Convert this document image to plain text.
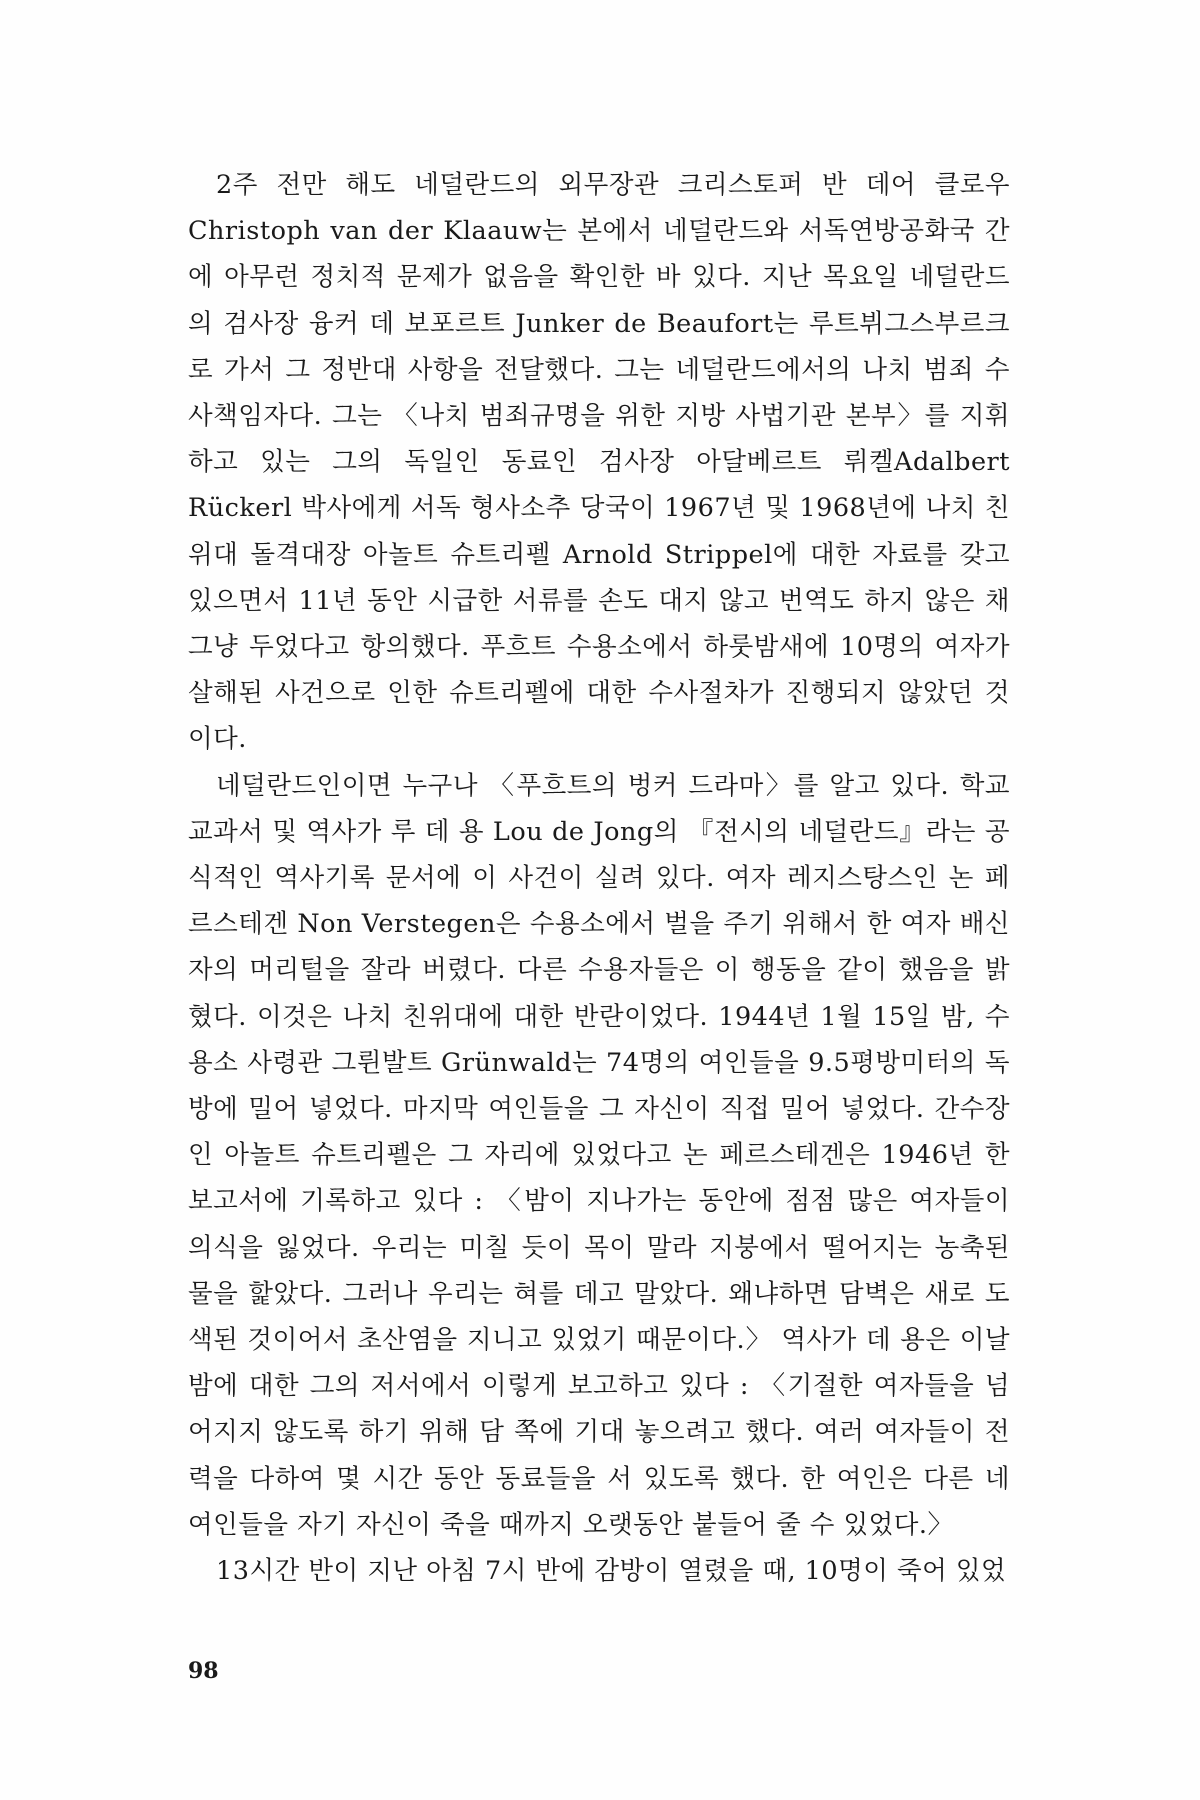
2주 전만 해도 네덜란드의 외무장관 크리스토퍼 반 데어 클로우 Christoph van der Klaauw는 본에서 네덜란드와 서독연방공화국 간에 아무런 정치적 문제가 없음을 확인한 바 있다. 지난 목요일 네덜란드의 검사장 융커 데 보포르트 Junker de Beaufort는 루트뷔그스부르크로 가서 그 정반대 사항을 전달했다. 그는 네덜란드에서의 나치 범죄 수사책임자다. 그는 〈나치 범죄규명을 위한 지방 사법기관 본부〉를 지휘하고 있는 그의 독일인 동료인 검사장 아달베르트 뤼켈Adalbert Rückerl 박사에게 서독 형사소추 당국이 1967년 및 1968년에 나치 친위대 돌격대장 아놀트 슈트리펠 Arnold Strippel에 대한 자료를 갖고 있으면서 11년 동안 시급한 서류를 손도 대지 않고 번역도 하지 않은 채 그냥 두었다고 항의했다. 푸흐트 수용소에서 하룻밤새에 10명의 여자가 살해된 사건으로 인한 슈트리펠에 대한 수사절차가 진행되지 않았던 것이다.

네덜란드인이면 누구나 〈푸흐트의 벙커 드라마〉를 알고 있다. 학교 교과서 및 역사가 루 데 용 Lou de Jong의 『전시의 네덜란드』라는 공식적인 역사기록 문서에 이 사건이 실려 있다. 여자 레지스탕스인 논 페르스테겐 Non Verstegen은 수용소에서 벌을 주기 위해서 한 여자 배신자의 머리털을 잘라 버렸다. 다른 수용자들은 이 행동을 같이 했음을 밝혔다. 이것은 나치 친위대에 대한 반란이었다. 1944년 1월 15일 밤, 수용소 사령관 그륀발트 Grünwald는 74명의 여인들을 9.5평방미터의 독방에 밀어 넣었다. 마지막 여인들을 그 자신이 직접 밀어 넣었다. 간수장인 아놀트 슈트리펠은 그 자리에 있었다고 논 페르스테겐은 1946년 한 보고서에 기록하고 있다 : 〈밤이 지나가는 동안에 점점 많은 여자들이 의식을 잃었다. 우리는 미칠 듯이 목이 말라 지붕에서 떨어지는 농축된 물을 핥았다. 그러나 우리는 혀를 데고 말았다. 왜냐하면 담벽은 새로 도색된 것이어서 초산염을 지니고 있었기 때문이다.〉 역사가 데 용은 이날 밤에 대한 그의 저서에서 이렇게 보고하고 있다 : 〈기절한 여자들을 넘어지지 않도록 하기 위해 담 쪽에 기대 놓으려고 했다. 여러 여자들이 전력을 다하여 몇 시간 동안 동료들을 서 있도록 했다. 한 여인은 다른 네 여인들을 자기 자신이 죽을 때까지 오랫동안 붙들어 줄 수 있었다.〉

13시간 반이 지난 아침 7시 반에 감방이 열렸을 때, 10명이 죽어 있었

98
